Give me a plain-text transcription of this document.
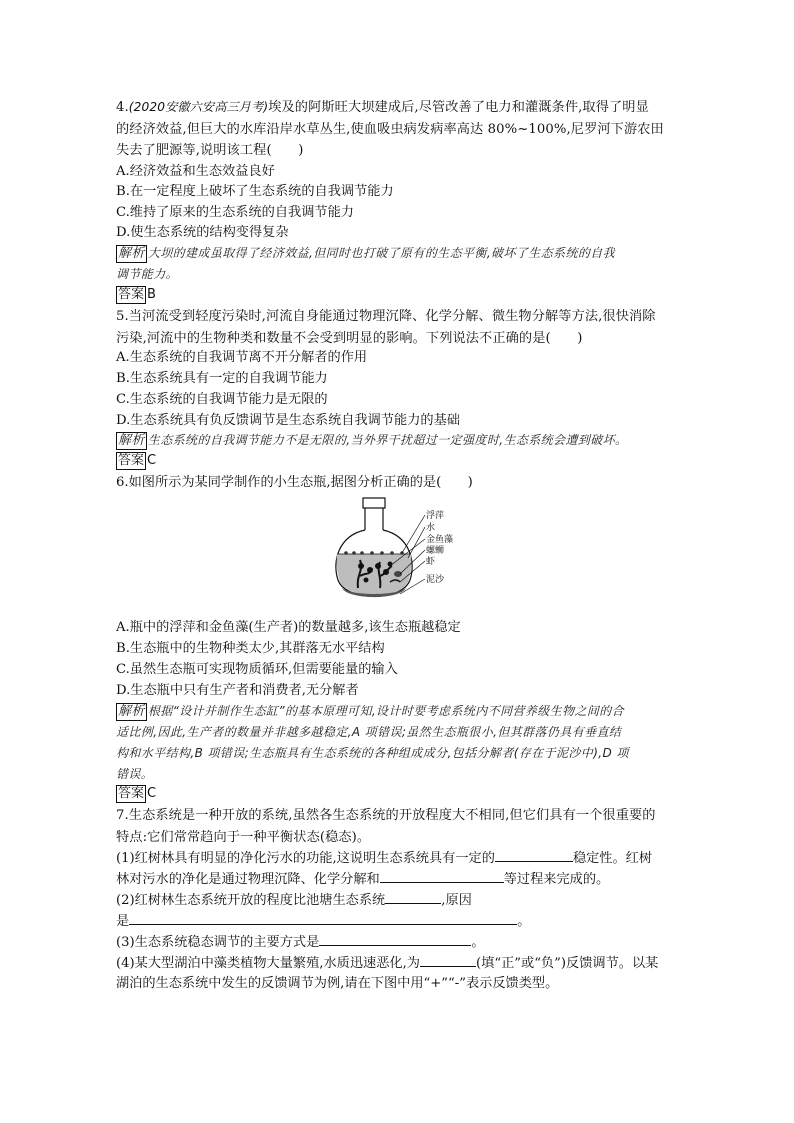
4.(2020安徽六安高三月考)埃及的阿斯旺大坝建成后,尽管改善了电力和灌溉条件,取得了明显
的经济效益,但巨大的水库沿岸水草丛生,使血吸虫病发病率高达 80%~100%,尼罗河下游农田
失去了肥源等,说明该工程(　　)
A.经济效益和生态效益良好
B.在一定程度上破坏了生态系统的自我调节能力
C.维持了原来的生态系统的自我调节能力
D.使生态系统的结构变得复杂
解析 大坝的建成虽取得了经济效益,但同时也打破了原有的生态平衡,破坏了生态系统的自我
调节能力。
答案 B
5.当河流受到轻度污染时,河流自身能通过物理沉降、化学分解、微生物分解等方法,很快消除
污染,河流中的生物种类和数量不会受到明显的影响。下列说法不正确的是(　　)
A.生态系统的自我调节离不开分解者的作用
B.生态系统具有一定的自我调节能力
C.生态系统的自我调节能力是无限的
D.生态系统具有负反馈调节是生态系统自我调节能力的基础
解析 生态系统的自我调节能力不是无限的,当外界干扰超过一定强度时,生态系统会遭到破坏。
答案 C
6.如图所示为某同学制作的小生态瓶,据图分析正确的是(　　)
浮萍
水
金鱼藻
螺蛳
虾
泥沙
A.瓶中的浮萍和金鱼藻(生产者)的数量越多,该生态瓶越稳定
B.生态瓶中的生物种类太少,其群落无水平结构
C.虽然生态瓶可实现物质循环,但需要能量的输入
D.生态瓶中只有生产者和消费者,无分解者
解析 根据“设计并制作生态缸”的基本原理可知,设计时要考虑系统内不同营养级生物之间的合
适比例,因此,生产者的数量并非越多越稳定,A 项错误;虽然生态瓶很小,但其群落仍具有垂直结
构和水平结构,B 项错误;生态瓶具有生态系统的各种组成成分,包括分解者(存在于泥沙中),D 项
错误。
答案 C
7.生态系统是一种开放的系统,虽然各生态系统的开放程度大不相同,但它们具有一个很重要的
特点:它们常常趋向于一种平衡状态(稳态)。
(1)红树林具有明显的净化污水的功能,这说明生态系统具有一定的	稳定性。红树
林对污水的净化是通过物理沉降、化学分解和	等过程来完成的。
(2)红树林生态系统开放的程度比池塘生态系统	,原因
是	。
(3)生态系统稳态调节的主要方式是	。
(4)某大型湖泊中藻类植物大量繁殖,水质迅速恶化,为	(填“正”或“负”)反馈调节。以某
湖泊的生态系统中发生的反馈调节为例,请在下图中用“+”“-”表示反馈类型。
